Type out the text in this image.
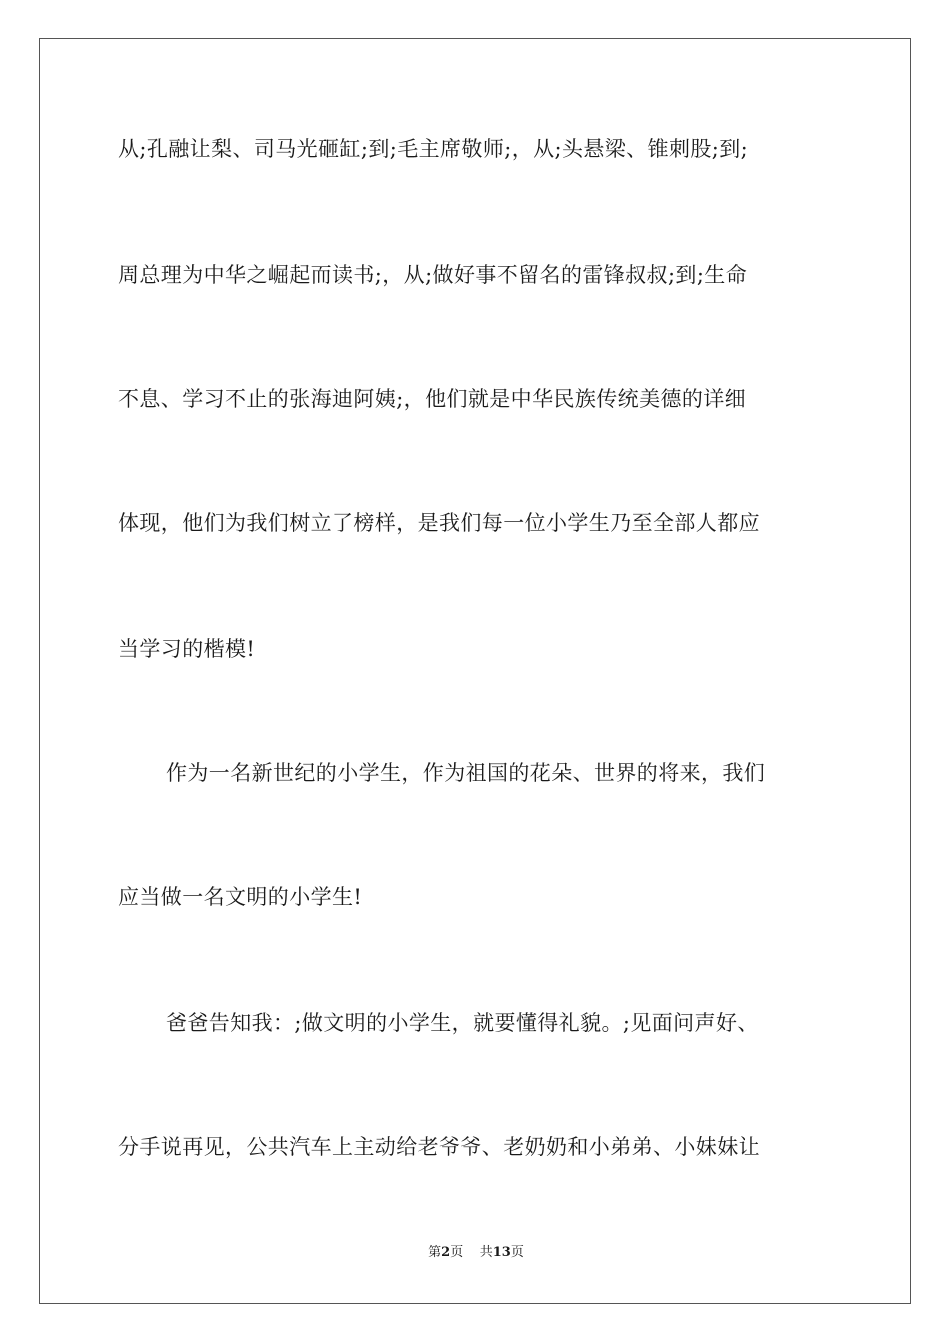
从;孔融让梨、司马光砸缸;到;毛主席敬师;，从;头悬梁、锥刺股;到;

周总理为中华之崛起而读书;，从;做好事不留名的雷锋叔叔;到;生命

不息、学习不止的张海迪阿姨;，他们就是中华民族传统美德的详细

体现，他们为我们树立了榜样，是我们每一位小学生乃至全部人都应

当学习的楷模!

作为一名新世纪的小学生，作为祖国的花朵、世界的将来，我们

应当做一名文明的小学生!

爸爸告知我：;做文明的小学生，就要懂得礼貌。;见面问声好、

分手说再见，公共汽车上主动给老爷爷、老奶奶和小弟弟、小妹妹让

第2页 共13页
